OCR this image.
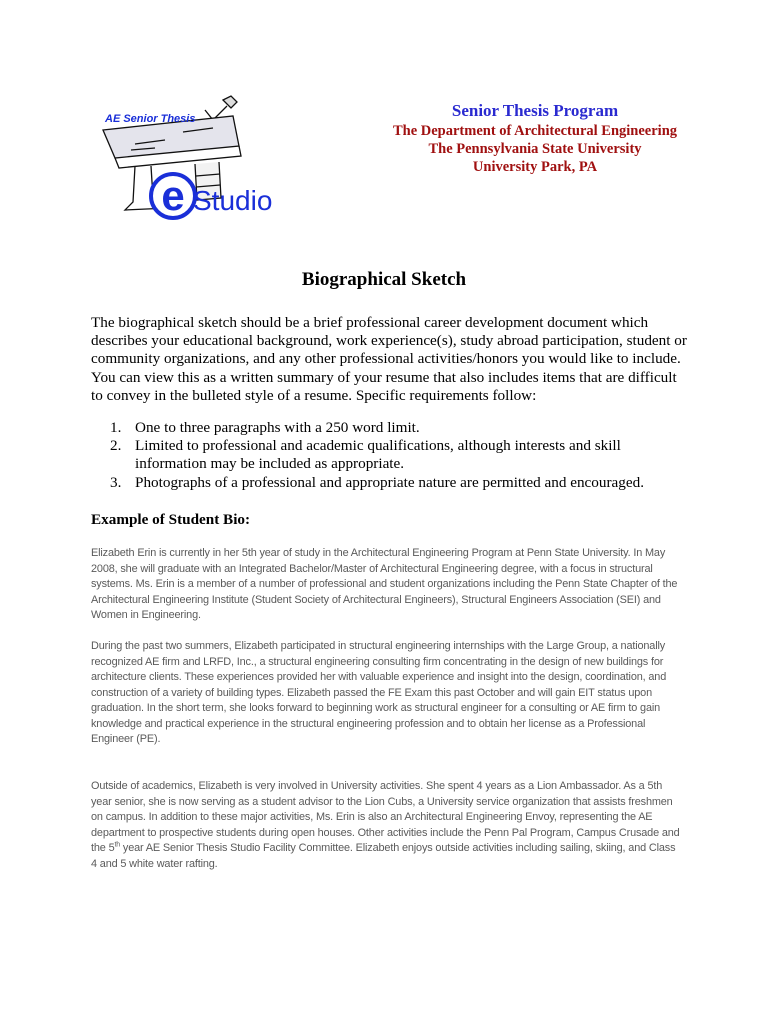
AE Senior Thesis
e Studio
Senior Thesis Program
The Department of Architectural Engineering
The Pennsylvania State University
University Park, PA
Biographical Sketch

The biographical sketch should be a brief professional career development document which describes your educational background, work experience(s), study abroad participation, student or community organizations, and any other professional activities/honors you would like to include. You can view this as a written summary of your resume that also includes items that are difficult to convey in the bulleted style of a resume. Specific requirements follow:

1. One to three paragraphs with a 250 word limit.
2. Limited to professional and academic qualifications, although interests and skill information may be included as appropriate.
3. Photographs of a professional and appropriate nature are permitted and encouraged.
Example of Student Bio:

Elizabeth Erin is currently in her 5th year of study in the Architectural Engineering Program at Penn State University. In May 2008, she will graduate with an Integrated Bachelor/Master of Architectural Engineering degree, with a focus in structural systems. Ms. Erin is a member of a number of professional and student organizations including the Penn State Chapter of the Architectural Engineering Institute (Student Society of Architectural Engineers), Structural Engineers Association (SEI) and Women in Engineering.

During the past two summers, Elizabeth participated in structural engineering internships with the Large Group, a nationally recognized AE firm and LRFD, Inc., a structural engineering consulting firm concentrating in the design of new buildings for architecture clients. These experiences provided her with valuable experience and insight into the design, coordination, and construction of a variety of building types. Elizabeth passed the FE Exam this past October and will gain EIT status upon graduation. In the short term, she looks forward to beginning work as structural engineer for a consulting or AE firm to gain knowledge and practical experience in the structural engineering profession and to obtain her license as a Professional Engineer (PE).

Outside of academics, Elizabeth is very involved in University activities. She spent 4 years as a Lion Ambassador. As a 5th year senior, she is now serving as a student advisor to the Lion Cubs, a University service organization that assists freshmen on campus. In addition to these major activities, Ms. Erin is also an Architectural Engineering Envoy, representing the AE department to prospective students during open houses. Other activities include the Penn Pal Program, Campus Crusade and the 5th year AE Senior Thesis Studio Facility Committee. Elizabeth enjoys outside activities including sailing, skiing, and Class 4 and 5 white water rafting.
